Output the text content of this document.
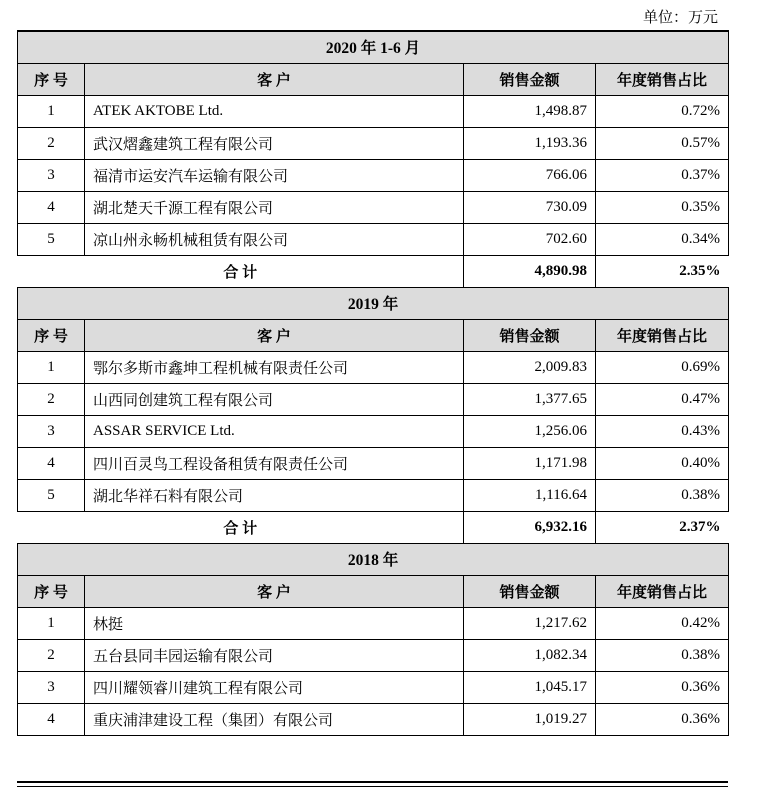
单位：万元
2020 年 1-6 月			
序 号	客 户	销售金额	年度销售占比
1	ATEK AKTOBE Ltd.	1,498.87	0.72%
2	武汉熠鑫建筑工程有限公司	1,193.36	0.57%
3	福清市运安汽车运输有限公司	766.06	0.37%
4	湖北楚天千源工程有限公司	730.09	0.35%
5	凉山州永畅机械租赁有限公司	702.60	0.34%
合 计		4,890.98	2.35%
2019 年			
序 号	客 户	销售金额	年度销售占比
1	鄂尔多斯市鑫坤工程机械有限责任公司	2,009.83	0.69%
2	山西同创建筑工程有限公司	1,377.65	0.47%
3	ASSAR SERVICE Ltd.	1,256.06	0.43%
4	四川百灵鸟工程设备租赁有限责任公司	1,171.98	0.40%
5	湖北华祥石料有限公司	1,116.64	0.38%
合 计		6,932.16	2.37%
2018 年			
序 号	客 户	销售金额	年度销售占比
1	林挺	1,217.62	0.42%
2	五台县同丰园运输有限公司	1,082.34	0.38%
3	四川耀领睿川建筑工程有限公司	1,045.17	0.36%
4	重庆浦津建设工程（集团）有限公司	1,019.27	0.36%
